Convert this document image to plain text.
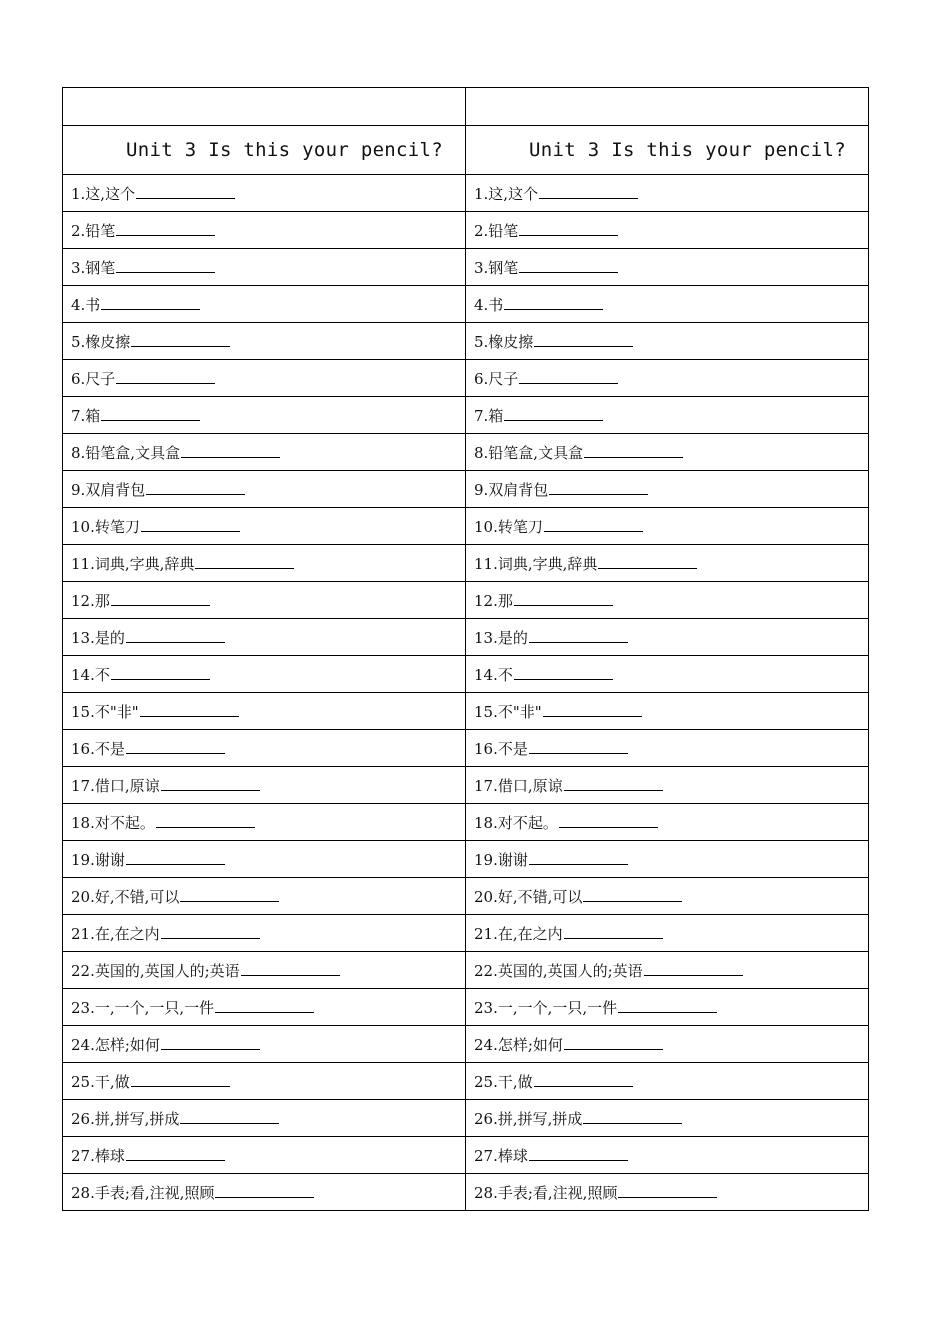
Unit 3 Is this your pencil?	Unit 3 Is this your pencil?
1.这,这个	1.这,这个
2.铅笔	2.铅笔
3.钢笔	3.钢笔
4.书	4.书
5.橡皮擦	5.橡皮擦
6.尺子	6.尺子
7.箱	7.箱
8.铅笔盒,文具盒	8.铅笔盒,文具盒
9.双肩背包	9.双肩背包
10.转笔刀	10.转笔刀
11.词典,字典,辞典	11.词典,字典,辞典
12.那	12.那
13.是的	13.是的
14.不	14.不
15.不"非"	15.不"非"
16.不是	16.不是
17.借口,原谅	17.借口,原谅
18.对不起。	18.对不起。
19.谢谢	19.谢谢
20.好,不错,可以	20.好,不错,可以
21.在,在之内	21.在,在之内
22.英国的,英国人的;英语	22.英国的,英国人的;英语
23.一,一个,一只,一件	23.一,一个,一只,一件
24.怎样;如何	24.怎样;如何
25.干,做	25.干,做
26.拼,拼写,拼成	26.拼,拼写,拼成
27.棒球	27.棒球
28.手表;看,注视,照顾	28.手表;看,注视,照顾
